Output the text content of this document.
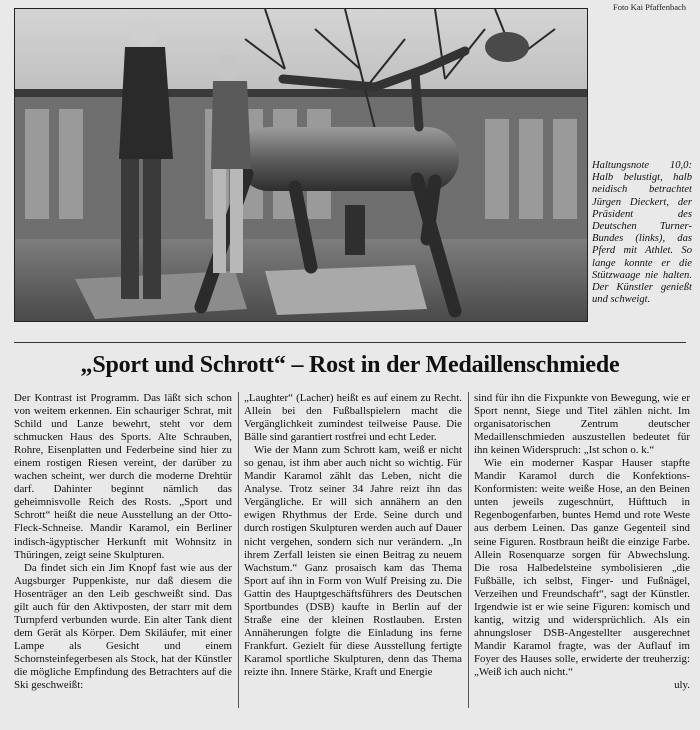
Foto Kai Pfaffenbach
Haltungsnote 10,0: Halb belustigt, halb neidisch betrachtet Jürgen Dieckert, der Präsident des Deutschen Turner-Bundes (links), das Pferd mit Athlet. So lange konnte er die Stützwaage nie halten. Der Künstler genießt und schweigt.
„Sport und Schrott“ – Rost in der Medaillenschmiede

Der Kontrast ist Programm. Das läßt sich schon von weitem erkennen. Ein schauriger Schrat, mit Schild und Lanze bewehrt, steht vor dem schmucken Haus des Sports. Alte Schrauben, Rohre, Eisenplatten und Federbeine sind hier zu einem rostigen Riesen vereint, der darüber zu wachen scheint, wer durch die moderne Drehtür darf. Dahinter beginnt nämlich das geheimnisvolle Reich des Rosts. „Sport und Schrott“ heißt die neue Ausstellung an der Otto-Fleck-Schneise. Mandir Karamol, ein Berliner indisch-ägyptischer Herkunft mit Wohnsitz in Thüringen, zeigt seine Skulpturen.

Da findet sich ein Jim Knopf fast wie aus der Augsburger Puppenkiste, nur daß diesem die Hosenträger an den Leib geschweißt sind. Das gilt auch für den Aktivposten, der starr mit dem Turnpferd verbunden wurde. Ein alter Tank dient dem Gerät als Körper. Dem Skiläufer, mit einer Lampe als Gesicht und einem Schornsteinfegerbesen als Stock, hat der Künstler die mögliche Empfindung des Betrachters auf die Ski geschweißt:

„Laughter“ (Lacher) heißt es auf einem zu Recht. Allein bei den Fußballspielern macht die Vergänglichkeit zumindest teilweise Pause. Die Bälle sind garantiert rostfrei und echt Leder.

Wie der Mann zum Schrott kam, weiß er nicht so genau, ist ihm aber auch nicht so wichtig. Für Mandir Karamol zählt das Leben, nicht die Analyse. Trotz seiner 34 Jahre reizt ihn das Vergängliche. Er will sich annähern an den ewigen Rhythmus der Erde. Seine durch und durch rostigen Skulpturen werden auch auf Dauer nicht vergehen, sondern sich nur verändern. „In ihrem Zerfall leisten sie einen Beitrag zu neuem Wachstum.“ Ganz prosaisch kam das Thema Sport auf ihn in Form von Wulf Preising zu. Die Gattin des Hauptgeschäftsführers des Deutschen Sportbundes (DSB) kaufte in Berlin auf der Straße eine der kleinen Rostlauben. Ersten Annäherungen folgte die Einladung ins ferne Frankfurt. Gezielt für diese Ausstellung fertigte Karamol sportliche Skulpturen, denn das Thema reizte ihn. Innere Stärke, Kraft und Energie

sind für ihn die Fixpunkte von Bewegung, wie er Sport nennt, Siege und Titel zählen nicht. Im organisatorischen Zentrum deutscher Medaillenschmieden auszustellen bedeutet für ihn keinen Widerspruch: „Ist schon o. k.“

Wie ein moderner Kaspar Hauser stapfte Mandir Karamol durch die Konfektions-Konformisten: weite weiße Hose, an den Beinen unten jeweils zugeschnürt, Hüfttuch in Regenbogenfarben, buntes Hemd und rote Weste aus derbem Leinen. Das ganze Gegenteil sind seine Figuren. Rostbraun heißt die einzige Farbe. Allein Rosenquarze sorgen für Abwechslung. Die rosa Halbedelsteine symbolisieren „die Fußbälle, ich selbst, Finger- und Fußnägel, Verzeihen und Freundschaft“, sagt der Künstler. Irgendwie ist er wie seine Figuren: komisch und kantig, witzig und widersprüchlich. Als ein ahnungsloser DSB-Angestellter ausgerechnet Mandir Karamol fragte, was der Auflauf im Foyer des Hauses solle, erwiderte der treuherzig: „Weiß ich auch nicht.“

uly.
